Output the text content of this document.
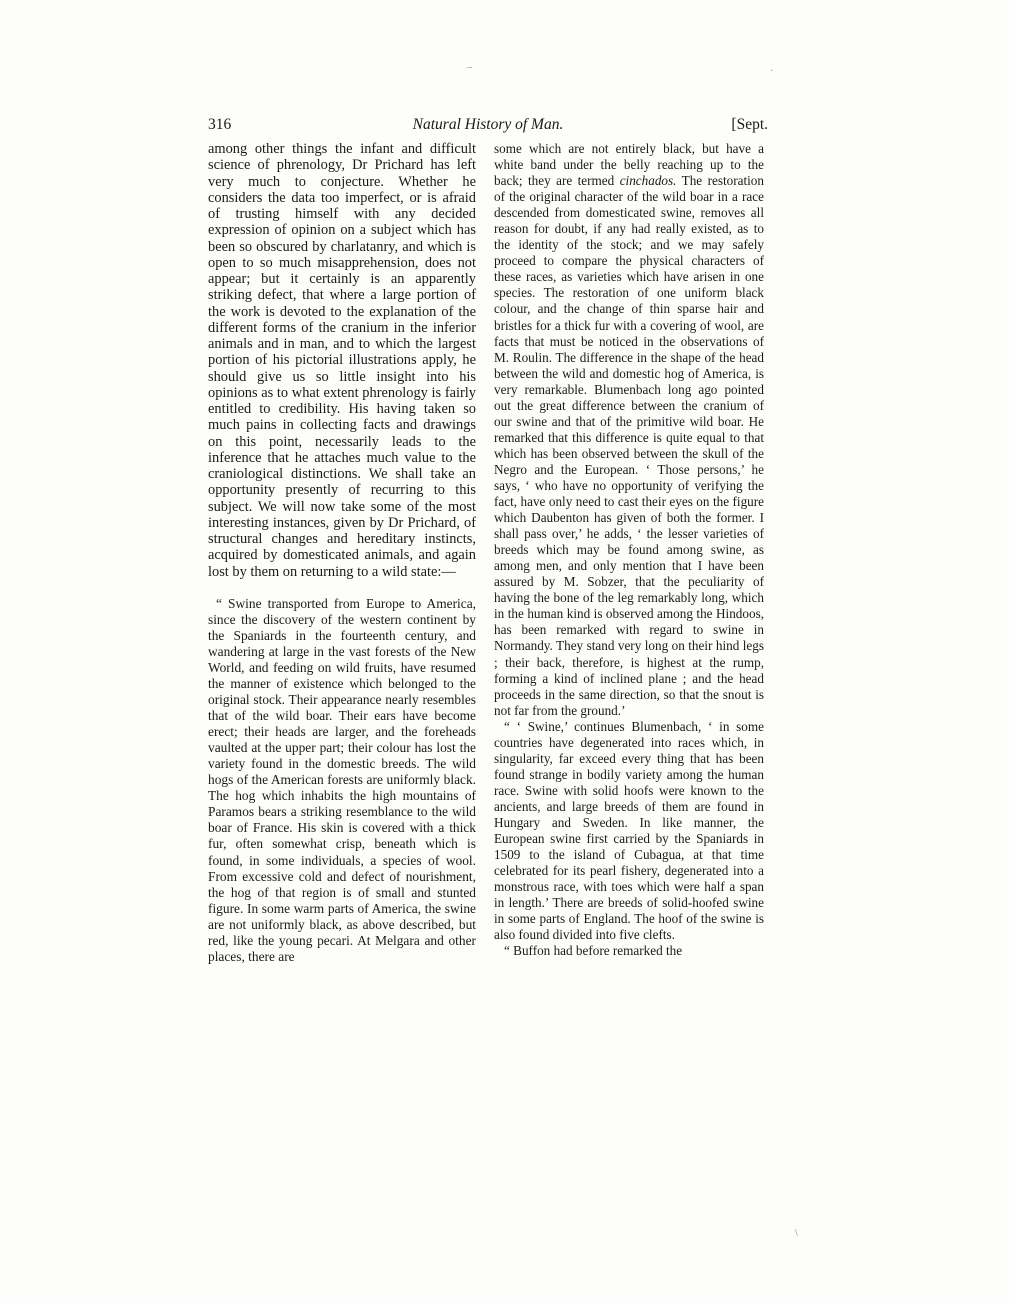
316	Natural History of Man.	[Sept.

among other things the infant and difficult science of phrenology, Dr Prichard has left very much to conjecture. Whether he considers the data too imperfect, or is afraid of trusting himself with any decided expression of opinion on a subject which has been so obscured by charlatanry, and which is open to so much misapprehension, does not appear; but it certainly is an apparently striking defect, that where a large portion of the work is devoted to the explanation of the different forms of the cranium in the inferior animals and in man, and to which the largest portion of his pictorial illustrations apply, he should give us so little insight into his opinions as to what extent phrenology is fairly entitled to credibility. His having taken so much pains in collecting facts and drawings on this point, necessarily leads to the inference that he attaches much value to the craniological distinctions. We shall take an opportunity presently of recurring to this subject. We will now take some of the most interesting instances, given by Dr Prichard, of structural changes and hereditary instincts, acquired by domesticated animals, and again lost by them on returning to a wild state:—

“ Swine transported from Europe to America, since the discovery of the western continent by the Spaniards in the fourteenth century, and wandering at large in the vast forests of the New World, and feeding on wild fruits, have resumed the manner of existence which belonged to the original stock. Their appearance nearly resembles that of the wild boar. Their ears have become erect; their heads are larger, and the foreheads vaulted at the upper part; their colour has lost the variety found in the domestic breeds. The wild hogs of the American forests are uniformly black. The hog which inhabits the high mountains of Paramos bears a striking resemblance to the wild boar of France. His skin is covered with a thick fur, often somewhat crisp, beneath which is found, in some individuals, a species of wool. From excessive cold and defect of nourishment, the hog of that region is of small and stunted figure. In some warm parts of America, the swine are not uniformly black, as above described, but red, like the young pecari. At Melgara and other places, there are

some which are not entirely black, but have a white band under the belly reaching up to the back; they are termed cinchados. The restoration of the original character of the wild boar in a race descended from domesticated swine, removes all reason for doubt, if any had really existed, as to the identity of the stock; and we may safely proceed to compare the physical characters of these races, as varieties which have arisen in one species. The restoration of one uniform black colour, and the change of thin sparse hair and bristles for a thick fur with a covering of wool, are facts that must be noticed in the observations of M. Roulin. The difference in the shape of the head between the wild and domestic hog of America, is very remarkable. Blumenbach long ago pointed out the great difference between the cranium of our swine and that of the primitive wild boar. He remarked that this difference is quite equal to that which has been observed between the skull of the Negro and the European. ‘ Those persons,’ he says, ‘ who have no opportunity of verifying the fact, have only need to cast their eyes on the figure which Daubenton has given of both the former. I shall pass over,’ he adds, ‘ the lesser varieties of breeds which may be found among swine, as among men, and only mention that I have been assured by M. Sobzer, that the peculiarity of having the bone of the leg remarkably long, which in the human kind is observed among the Hindoos, has been remarked with regard to swine in Normandy. They stand very long on their hind legs ; their back, therefore, is highest at the rump, forming a kind of inclined plane ; and the head proceeds in the same direction, so that the snout is not far from the ground.’

“ ‘ Swine,’ continues Blumenbach, ‘ in some countries have degenerated into races which, in singularity, far exceed every thing that has been found strange in bodily variety among the human race. Swine with solid hoofs were known to the ancients, and large breeds of them are found in Hungary and Sweden. In like manner, the European swine first carried by the Spaniards in 1509 to the island of Cubagua, at that time celebrated for its pearl fishery, degenerated into a monstrous race, with toes which were half a span in length.’ There are breeds of solid-hoofed swine in some parts of England. The hoof of the swine is also found divided into five clefts.

“ Buffon had before remarked the

–	·
\
